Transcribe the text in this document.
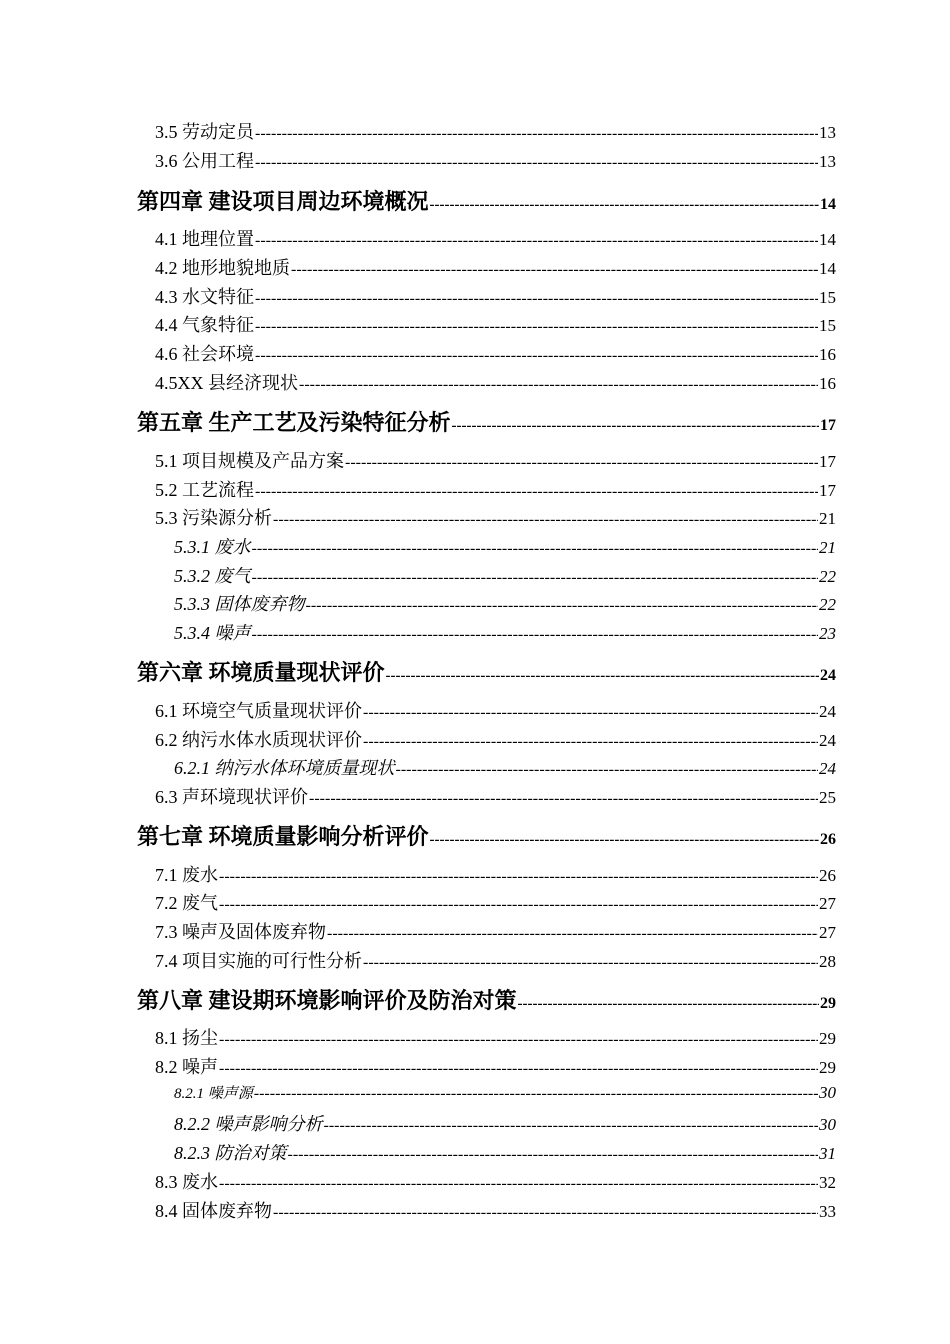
3.5 劳动定员 -----	13
3.6 公用工程 -----	13
第四章 建设项目周边环境概况 -----	14
4.1 地理位置 -----	14
4.2 地形地貌地质 -----	14
4.3 水文特征 -----	15
4.4 气象特征 -----	15
4.6 社会环境 -----	16
4.5XX 县经济现状 -----	16
第五章 生产工艺及污染特征分析 -----	17
5.1 项目规模及产品方案 -----	17
5.2 工艺流程 -----	17
5.3 污染源分析 -----	21
5.3.1 废水 -----	21
5.3.2 废气 -----	22
5.3.3 固体废弃物 -----	22
5.3.4 噪声 -----	23
第六章 环境质量现状评价 -----	24
6.1 环境空气质量现状评价 -----	24
6.2 纳污水体水质现状评价 -----	24
6.2.1 纳污水体环境质量现状 -----	24
6.3 声环境现状评价 -----	25
第七章 环境质量影响分析评价 -----	26
7.1 废水 -----	26
7.2 废气 -----	27
7.3 噪声及固体废弃物 -----	27
7.4 项目实施的可行性分析 -----	28
第八章 建设期环境影响评价及防治对策 -----	29
8.1 扬尘 -----	29
8.2 噪声 -----	29
8.2.1 噪声源 -----	30
8.2.2 噪声影响分析 -----	30
8.2.3 防治对策 -----	31
8.3 废水 -----	32
8.4 固体废弃物 -----	33
